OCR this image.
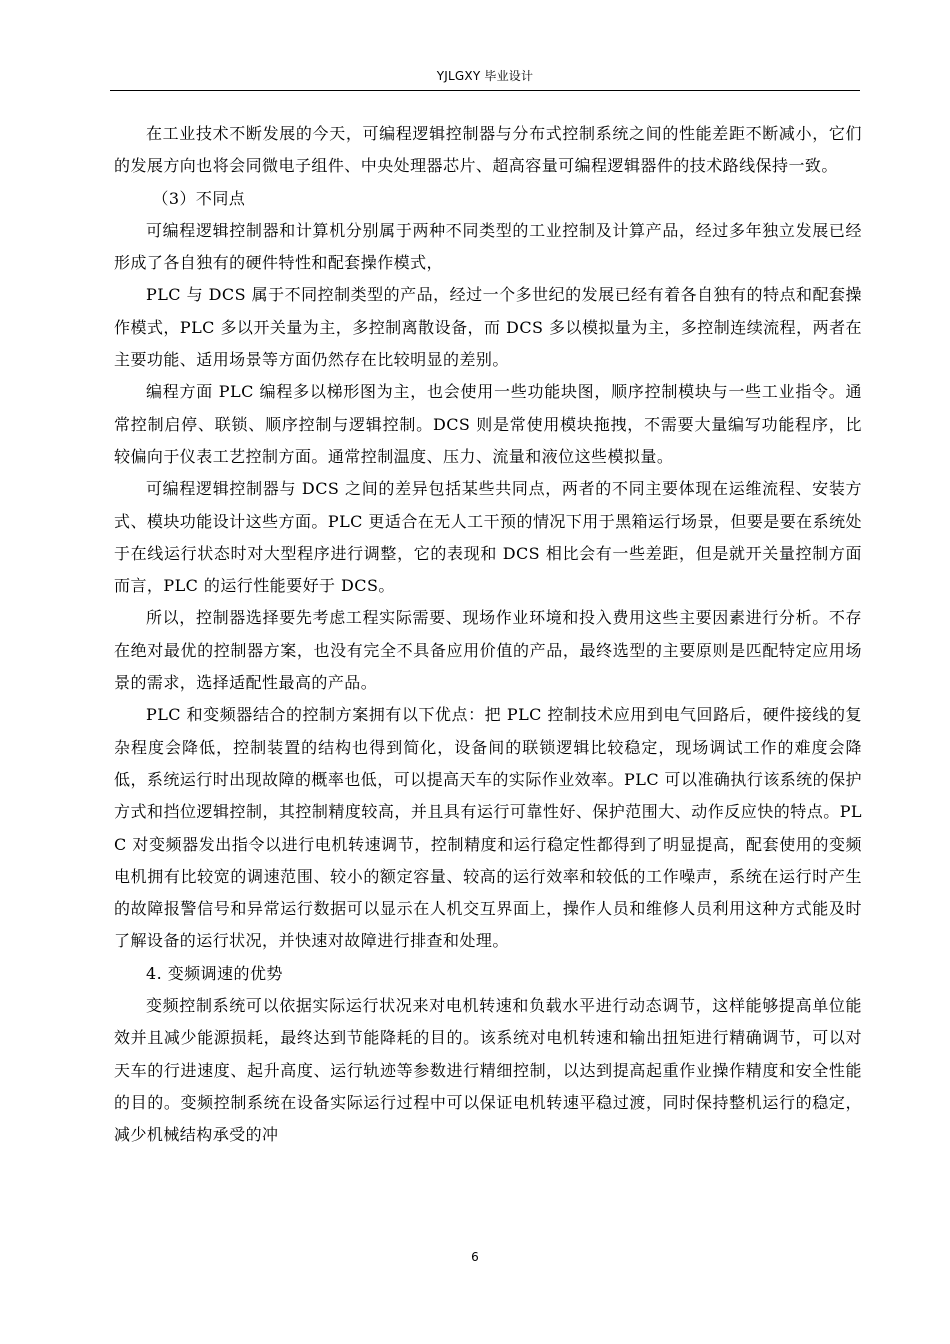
YJLGXY 毕业设计

在工业技术不断发展的今天，可编程逻辑控制器与分布式控制系统之间的性能差距不断减小，它们的发展方向也将会同微电子组件、中央处理器芯片、超高容量可编程逻辑器件的技术路线保持一致。

（3）不同点

可编程逻辑控制器和计算机分别属于两种不同类型的工业控制及计算产品，经过多年独立发展已经形成了各自独有的硬件特性和配套操作模式，

PLC 与 DCS 属于不同控制类型的产品，经过一个多世纪的发展已经有着各自独有的特点和配套操作模式，PLC 多以开关量为主，多控制离散设备，而 DCS 多以模拟量为主，多控制连续流程，两者在主要功能、适用场景等方面仍然存在比较明显的差别。

编程方面 PLC 编程多以梯形图为主，也会使用一些功能块图，顺序控制模块与一些工业指令。通常控制启停、联锁、顺序控制与逻辑控制。DCS 则是常使用模块拖拽，不需要大量编写功能程序，比较偏向于仪表工艺控制方面。通常控制温度、压力、流量和液位这些模拟量。

可编程逻辑控制器与 DCS 之间的差异包括某些共同点，两者的不同主要体现在运维流程、安装方式、模块功能设计这些方面。PLC 更适合在无人工干预的情况下用于黑箱运行场景，但要是要在系统处于在线运行状态时对大型程序进行调整，它的表现和 DCS 相比会有一些差距，但是就开关量控制方面而言，PLC 的运行性能要好于 DCS。

所以，控制器选择要先考虑工程实际需要、现场作业环境和投入费用这些主要因素进行分析。不存在绝对最优的控制器方案，也没有完全不具备应用价值的产品，最终选型的主要原则是匹配特定应用场景的需求，选择适配性最高的产品。

PLC 和变频器结合的控制方案拥有以下优点：把 PLC 控制技术应用到电气回路后，硬件接线的复杂程度会降低，控制装置的结构也得到简化，设备间的联锁逻辑比较稳定，现场调试工作的难度会降低，系统运行时出现故障的概率也低，可以提高天车的实际作业效率。PLC 可以准确执行该系统的保护方式和挡位逻辑控制，其控制精度较高，并且具有运行可靠性好、保护范围大、动作反应快的特点。PLC 对变频器发出指令以进行电机转速调节，控制精度和运行稳定性都得到了明显提高，配套使用的变频电机拥有比较宽的调速范围、较小的额定容量、较高的运行效率和较低的工作噪声，系统在运行时产生的故障报警信号和异常运行数据可以显示在人机交互界面上，操作人员和维修人员利用这种方式能及时了解设备的运行状况，并快速对故障进行排查和处理。

4. 变频调速的优势

变频控制系统可以依据实际运行状况来对电机转速和负载水平进行动态调节，这样能够提高单位能效并且减少能源损耗，最终达到节能降耗的目的。该系统对电机转速和输出扭矩进行精确调节，可以对天车的行进速度、起升高度、运行轨迹等参数进行精细控制，以达到提高起重作业操作精度和安全性能的目的。变频控制系统在设备实际运行过程中可以保证电机转速平稳过渡，同时保持整机运行的稳定，减少机械结构承受的冲

6
